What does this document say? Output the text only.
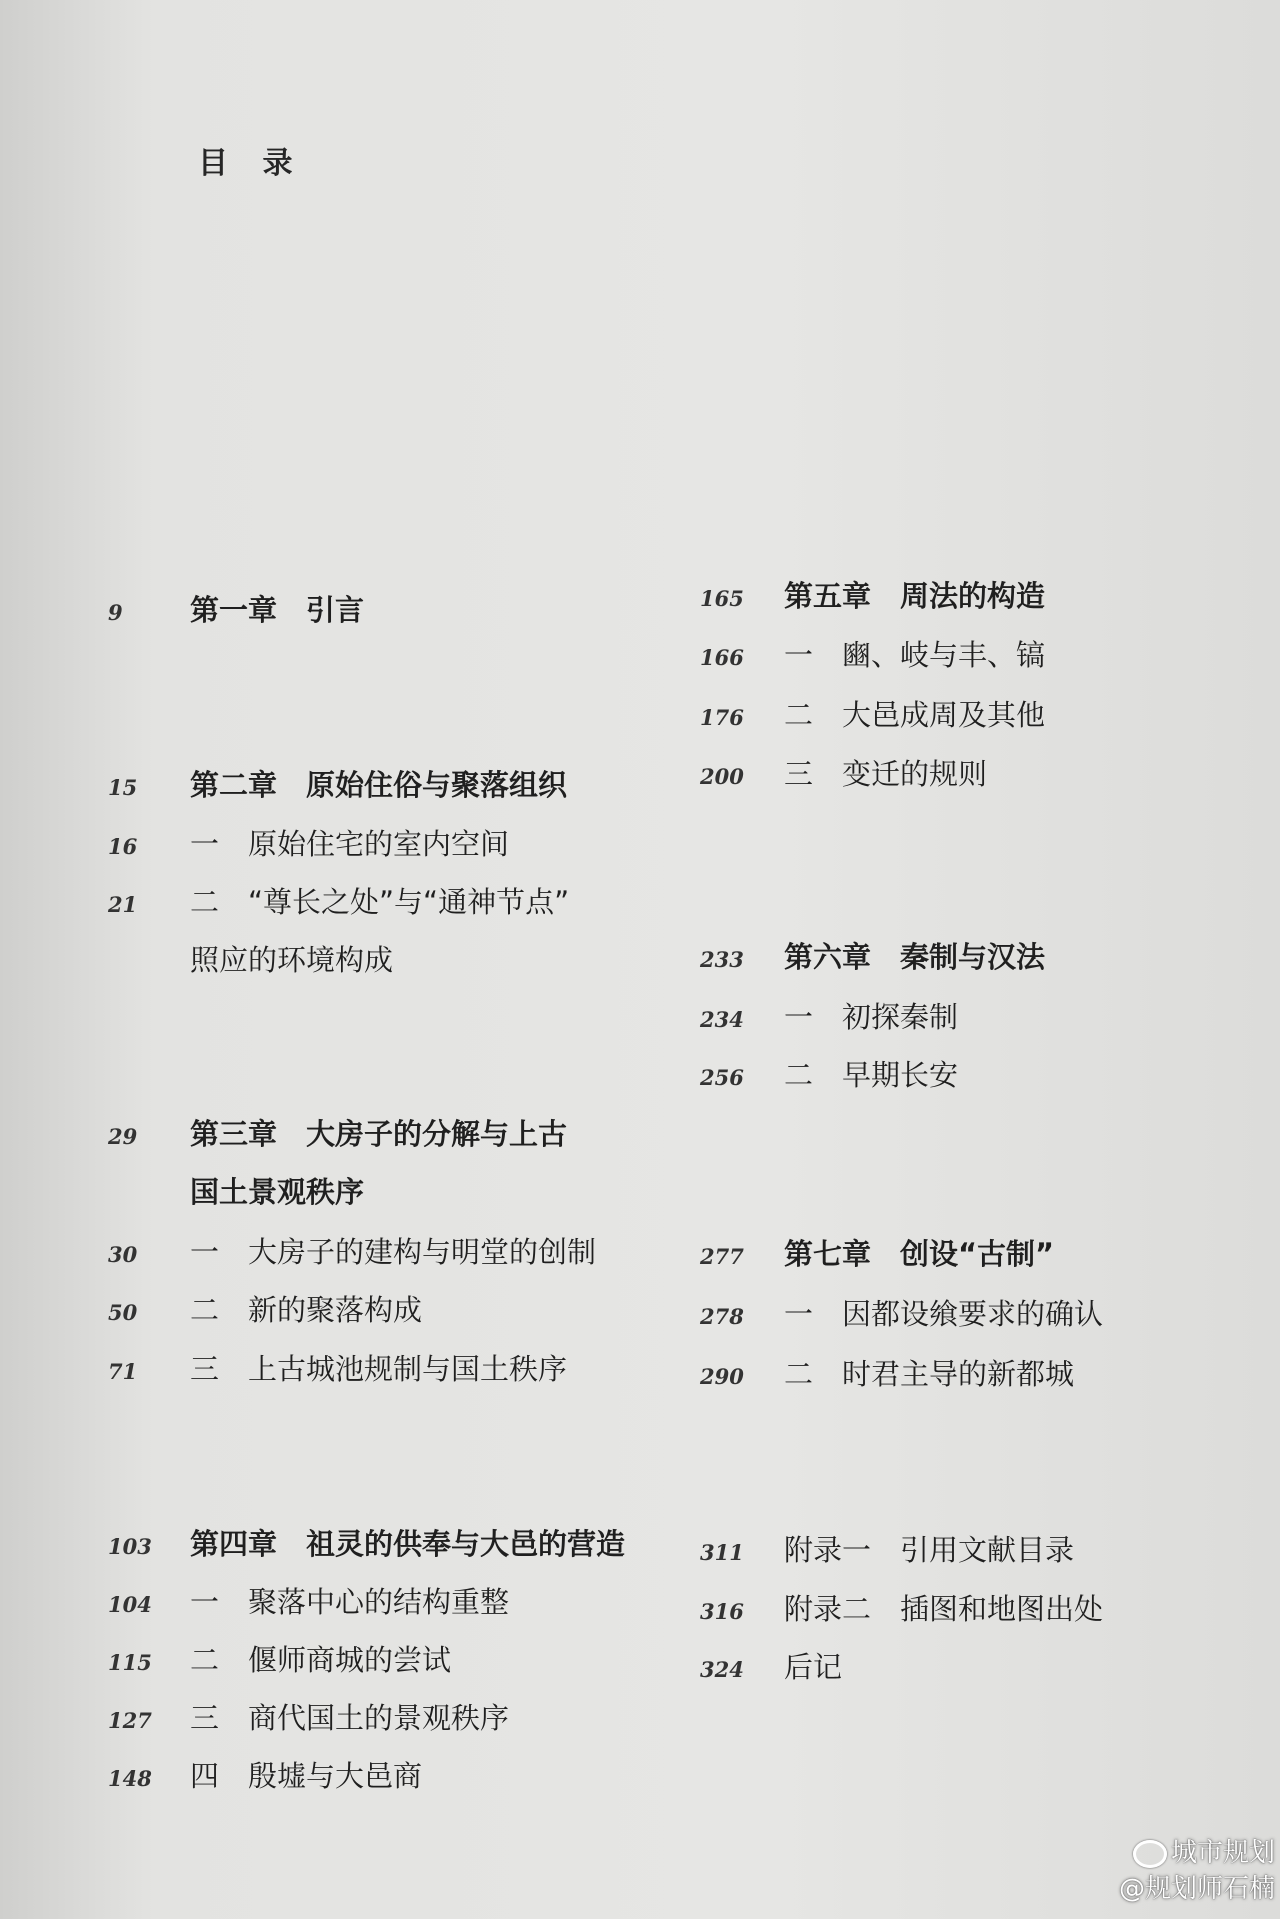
目 录
9	第一章　引言
15	第二章　原始住俗与聚落组织
16	一　原始住宅的室内空间
21	二　“尊长之处”与“通神节点”
照应的环境构成
29	第三章　大房子的分解与上古
国土景观秩序
30	一　大房子的建构与明堂的创制
50	二　新的聚落构成
71	三　上古城池规制与国土秩序
103	第四章　祖灵的供奉与大邑的营造
104	一　聚落中心的结构重整
115	二　偃师商城的尝试
127	三　商代国土的景观秩序
148	四　殷墟与大邑商
165	第五章　周法的构造
166	一　豳、岐与丰、镐
176	二　大邑成周及其他
200	三　变迁的规则
233	第六章　秦制与汉法
234	一　初探秦制
256	二　早期长安
277	第七章　创设“古制”
278	一　因都设飨要求的确认
290	二　时君主导的新都城
311	附录一　引用文献目录
316	附录二　插图和地图出处
324	后记
城市规划
@规划师石楠
